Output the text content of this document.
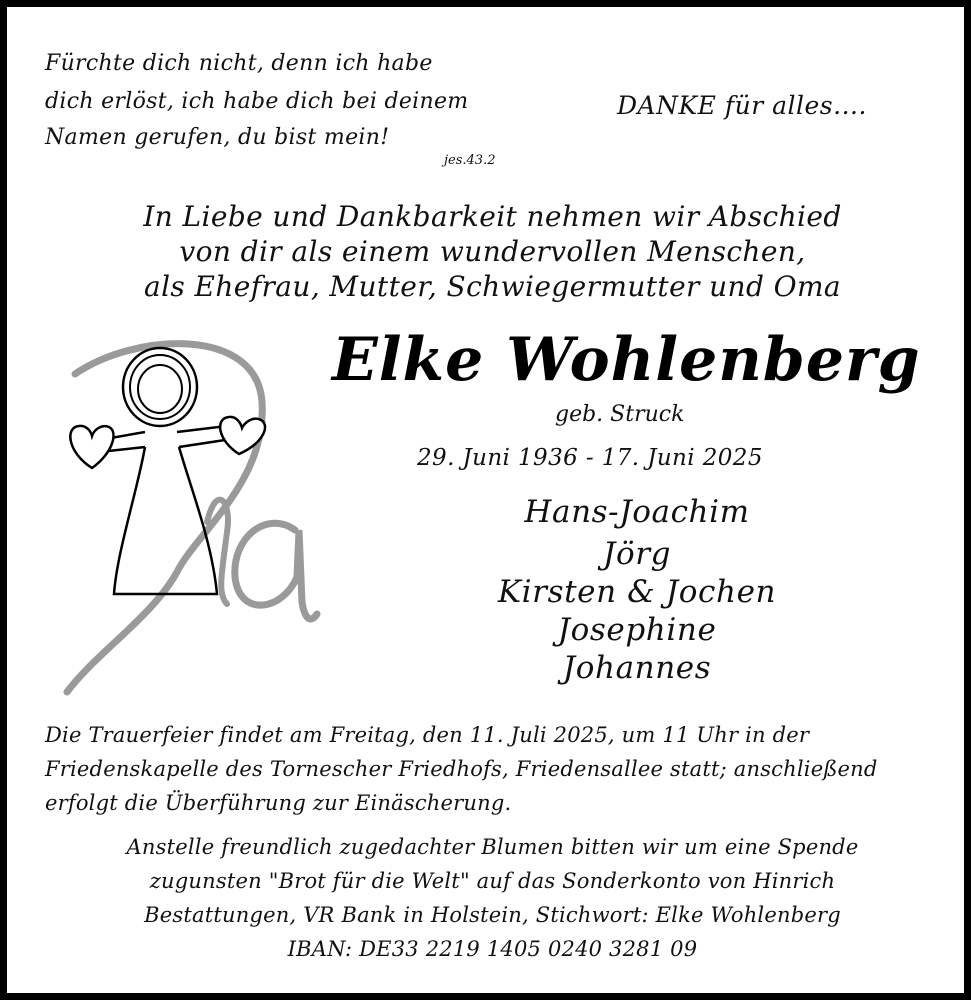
Fürchte dich nicht, denn ich habe
dich erlöst, ich habe dich bei deinem
Namen gerufen, du bist mein!
jes.43.2
DANKE für alles....
In Liebe und Dankbarkeit nehmen wir Abschied
von dir als einem wundervollen Menschen,
als Ehefrau, Mutter, Schwiegermutter und Oma
Elke Wohlenberg
geb. Struck
29. Juni 1936 - 17. Juni 2025
Hans-Joachim
Jörg
Kirsten & Jochen
Josephine
Johannes
Die Trauerfeier findet am Freitag, den 11. Juli 2025, um 11 Uhr in der
Friedenskapelle des Tornescher Friedhofs, Friedensallee statt; anschließend
erfolgt die Überführung zur Einäscherung.
Anstelle freundlich zugedachter Blumen bitten wir um eine Spende
zugunsten "Brot für die Welt" auf das Sonderkonto von Hinrich
Bestattungen, VR Bank in Holstein, Stichwort: Elke Wohlenberg
IBAN: DE33 2219 1405 0240 3281 09
